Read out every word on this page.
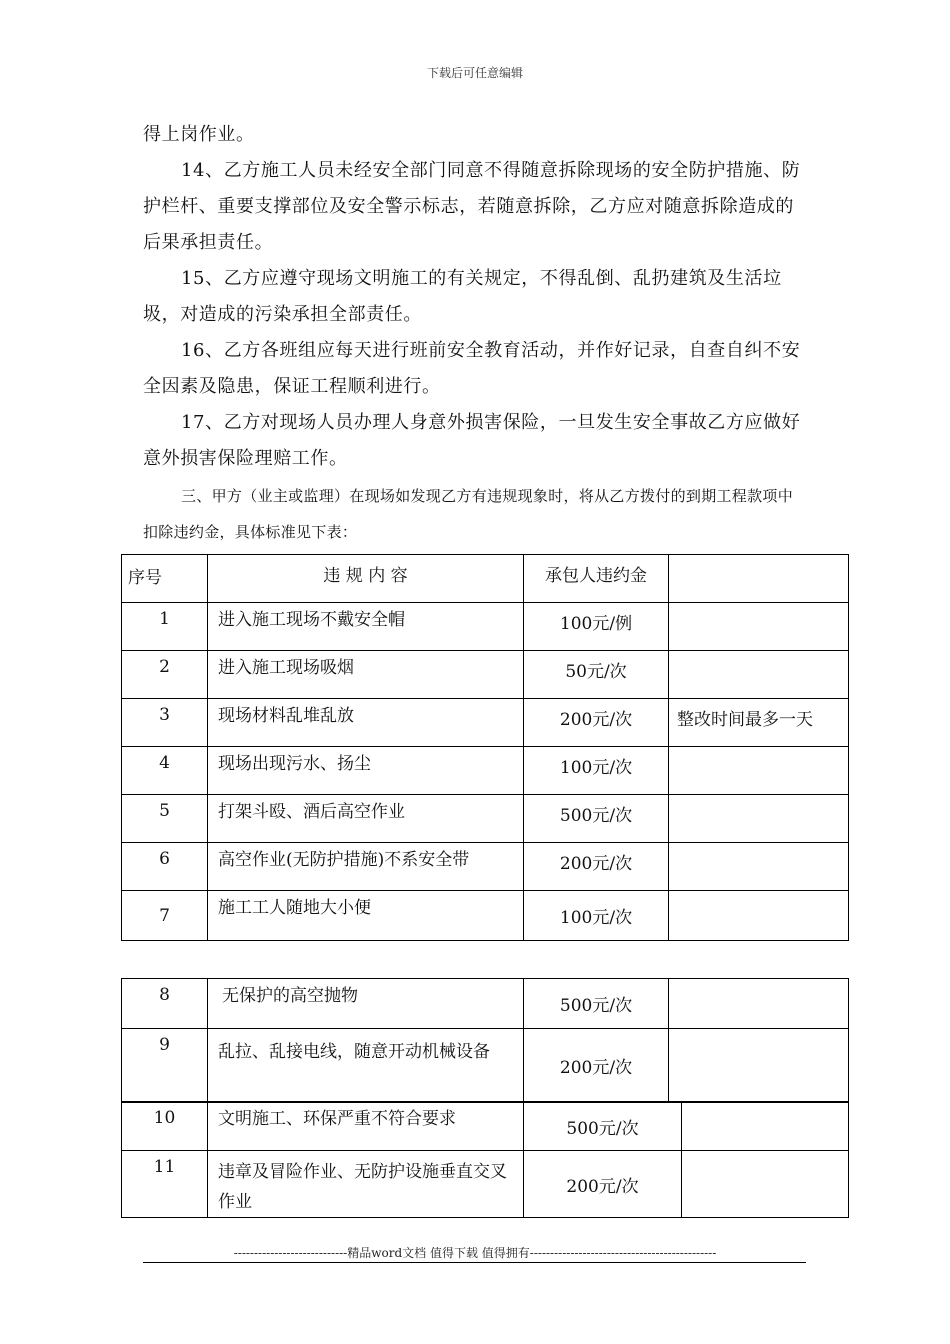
下载后可任意编辑
得上岗作业。
14、乙方施工人员未经安全部门同意不得随意拆除现场的安全防护措施、防护栏杆、重要支撑部位及安全警示标志，若随意拆除，乙方应对随意拆除造成的后果承担责任。
15、乙方应遵守现场文明施工的有关规定，不得乱倒、乱扔建筑及生活垃圾，对造成的污染承担全部责任。
16、乙方各班组应每天进行班前安全教育活动，并作好记录，自查自纠不安全因素及隐患，保证工程顺利进行。
17、乙方对现场人员办理人身意外损害保险，一旦发生安全事故乙方应做好意外损害保险理赔工作。
三、甲方（业主或监理）在现场如发现乙方有违规现象时，将从乙方拨付的到期工程款项中扣除违约金，具体标准见下表：
序号	违 规 内 容	承包人违约金	
1	进入施工现场不戴安全帽	100元/例	
2	进入施工现场吸烟	50元/次	
3	现场材料乱堆乱放	200元/次	整改时间最多一天
4	现场出现污水、扬尘	100元/次	
5	打架斗殴、酒后高空作业	500元/次	
6	高空作业(无防护措施)不系安全带	200元/次	
7	施工工人随地大小便	100元/次	
8	无保护的高空抛物	500元/次	
9	乱拉、乱接电线，随意开动机械设备	200元/次	
10	文明施工、环保严重不符合要求	500元/次	
11	违章及冒险作业、无防护设施垂直交叉作业	200元/次	
----------------------------精品word文档 值得下载 值得拥有----------------------------------------------
